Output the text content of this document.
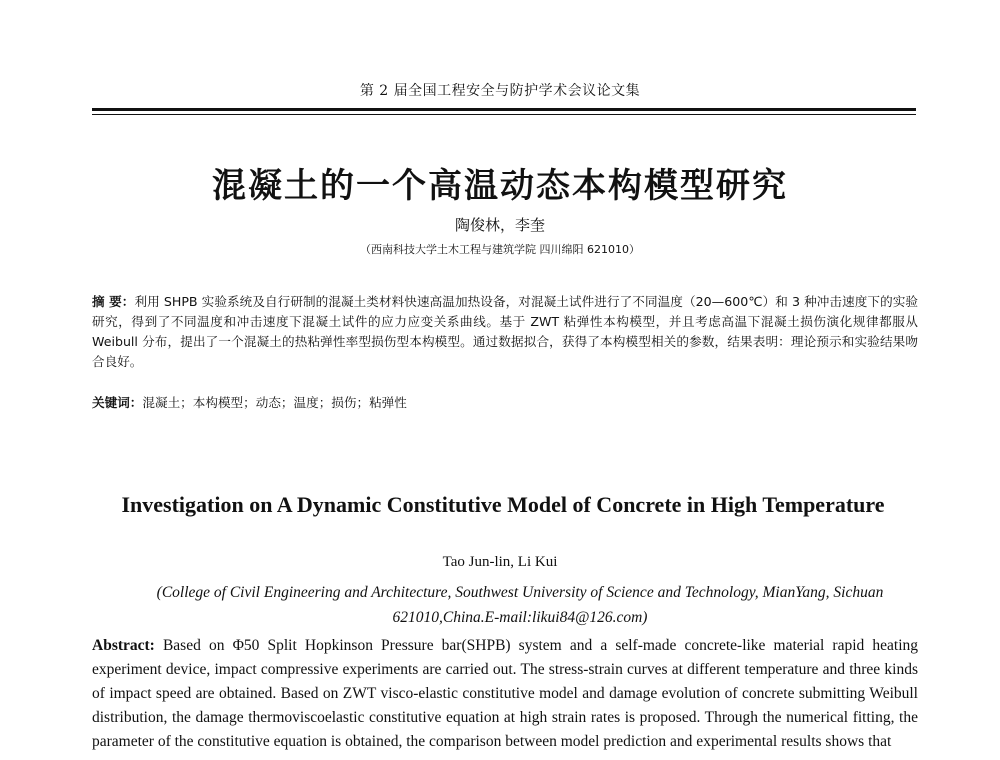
第 2 届全国工程安全与防护学术会议论文集
混凝土的一个高温动态本构模型研究
陶俊林，李奎
（西南科技大学土木工程与建筑学院 四川绵阳 621010）
摘 要：利用 SHPB 实验系统及自行研制的混凝土类材料快速高温加热设备，对混凝土试件进行了不同温度（20—600℃）和 3 种冲击速度下的实验研究，得到了不同温度和冲击速度下混凝土试件的应力应变关系曲线。基于 ZWT 粘弹性本构模型，并且考虑高温下混凝土损伤演化规律都服从 Weibull 分布，提出了一个混凝土的热粘弹性率型损伤型本构模型。通过数据拟合，获得了本构模型相关的参数，结果表明：理论预示和实验结果吻合良好。
关键词：混凝土；本构模型；动态；温度；损伤；粘弹性
Investigation on A Dynamic Constitutive Model of Concrete in High Temperature
Tao Jun-lin, Li Kui
(College of Civil Engineering and Architecture, Southwest University of Science and Technology, MianYang, Sichuan 621010,China.E-mail:likui84@126.com)
Abstract: Based on Φ50 Split Hopkinson Pressure bar(SHPB) system and a self-made concrete-like material rapid heating experiment device, impact compressive experiments are carried out. The stress-strain curves at different temperature and three kinds of impact speed are obtained. Based on ZWT visco-elastic constitutive model and damage evolution of concrete submitting Weibull distribution, the damage thermoviscoelastic constitutive equation at high strain rates is proposed. Through the numerical fitting, the parameter of the constitutive equation is obtained, the comparison between model prediction and experimental results shows that
